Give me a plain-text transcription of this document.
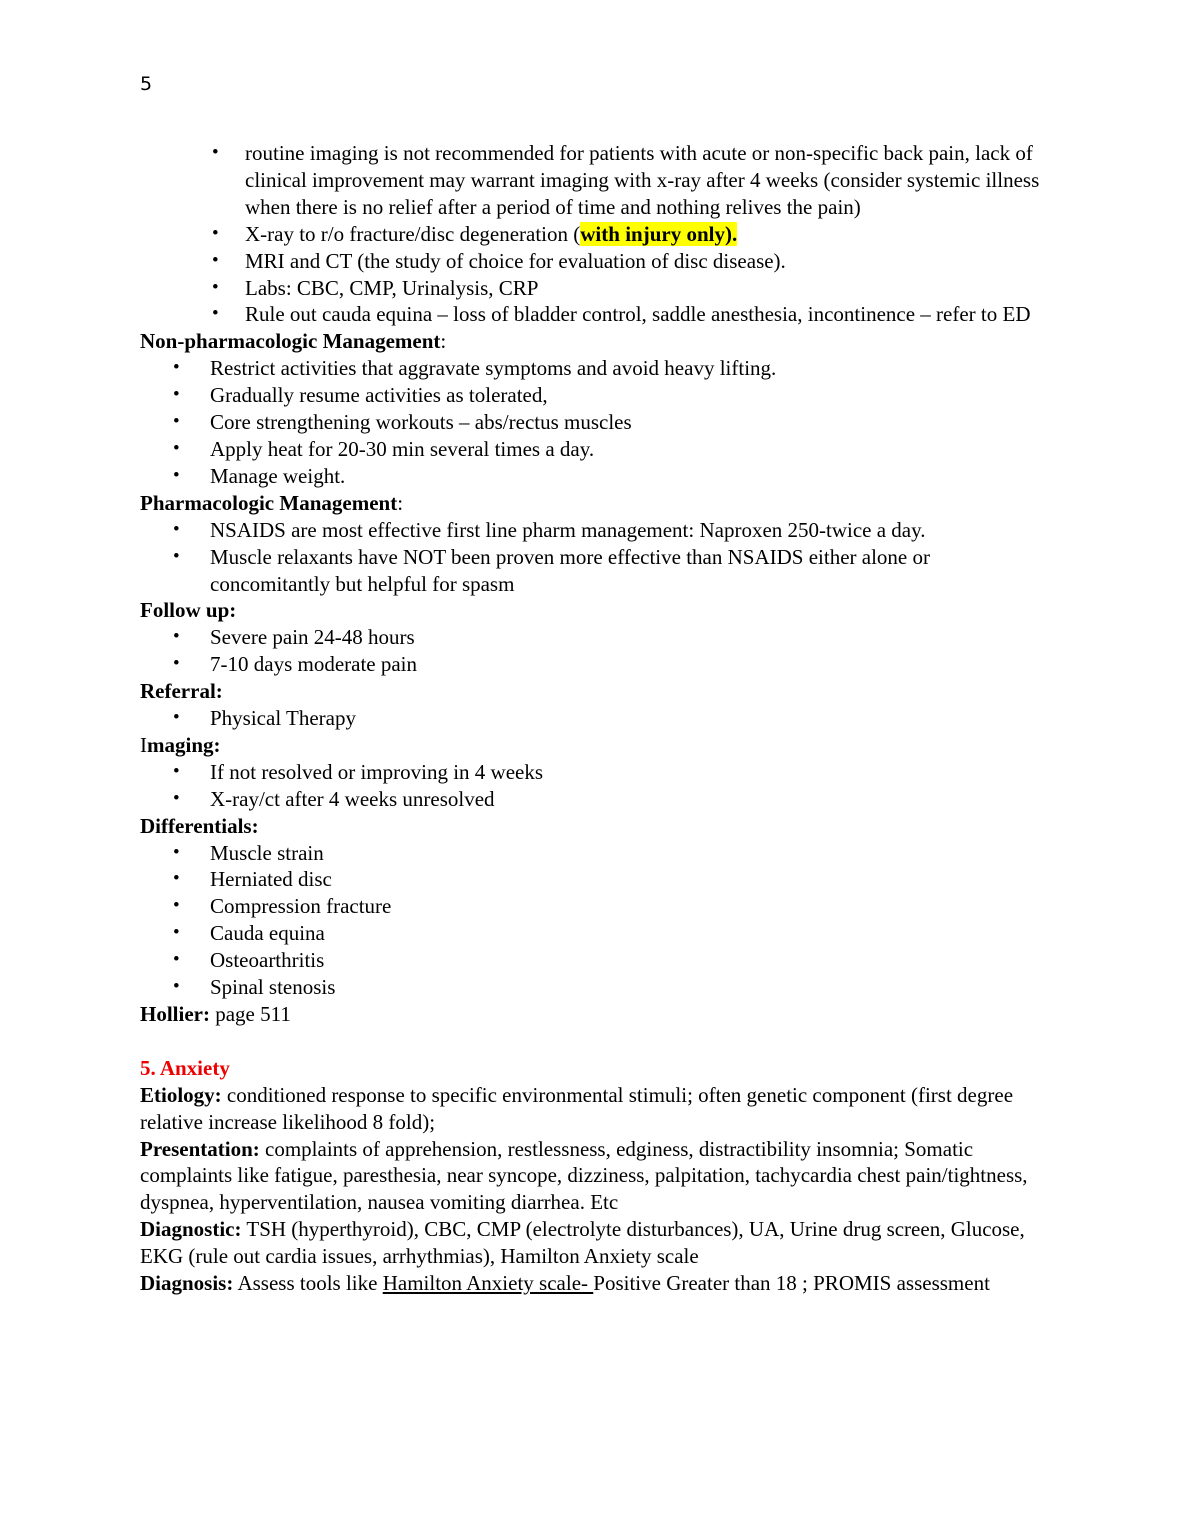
5
• routine imaging is not recommended for patients with acute or non-specific back pain, lack of clinical improvement may warrant imaging with x-ray after 4 weeks (consider systemic illness when there is no relief after a period of time and nothing relives the pain)
• X-ray to r/o fracture/disc degeneration (with injury only).
• MRI and CT (the study of choice for evaluation of disc disease).
• Labs: CBC, CMP, Urinalysis, CRP
• Rule out cauda equina – loss of bladder control, saddle anesthesia, incontinence – refer to ED
Non-pharmacologic Management:
• Restrict activities that aggravate symptoms and avoid heavy lifting.
• Gradually resume activities as tolerated,
• Core strengthening workouts – abs/rectus muscles
• Apply heat for 20-30 min several times a day.
• Manage weight.
Pharmacologic Management:
• NSAIDS are most effective first line pharm management: Naproxen 250-twice a day.
• Muscle relaxants have NOT been proven more effective than NSAIDS either alone or concomitantly but helpful for spasm
Follow up:
• Severe pain 24-48 hours
• 7-10 days moderate pain
Referral:
• Physical Therapy
Imaging:
• If not resolved or improving in 4 weeks
• X-ray/ct after 4 weeks unresolved
Differentials:
• Muscle strain
• Herniated disc
• Compression fracture
• Cauda equina
• Osteoarthritis
• Spinal stenosis
Hollier: page 511
5. Anxiety
Etiology: conditioned response to specific environmental stimuli; often genetic component (first degree relative increase likelihood 8 fold);
Presentation: complaints of apprehension, restlessness, edginess, distractibility insomnia; Somatic complaints like fatigue, paresthesia, near syncope, dizziness, palpitation, tachycardia chest pain/tightness, dyspnea, hyperventilation, nausea vomiting diarrhea. Etc
Diagnostic: TSH (hyperthyroid), CBC, CMP (electrolyte disturbances), UA, Urine drug screen, Glucose, EKG (rule out cardia issues, arrhythmias), Hamilton Anxiety scale
Diagnosis: Assess tools like Hamilton Anxiety scale- Positive Greater than 18 ; PROMIS assessment
